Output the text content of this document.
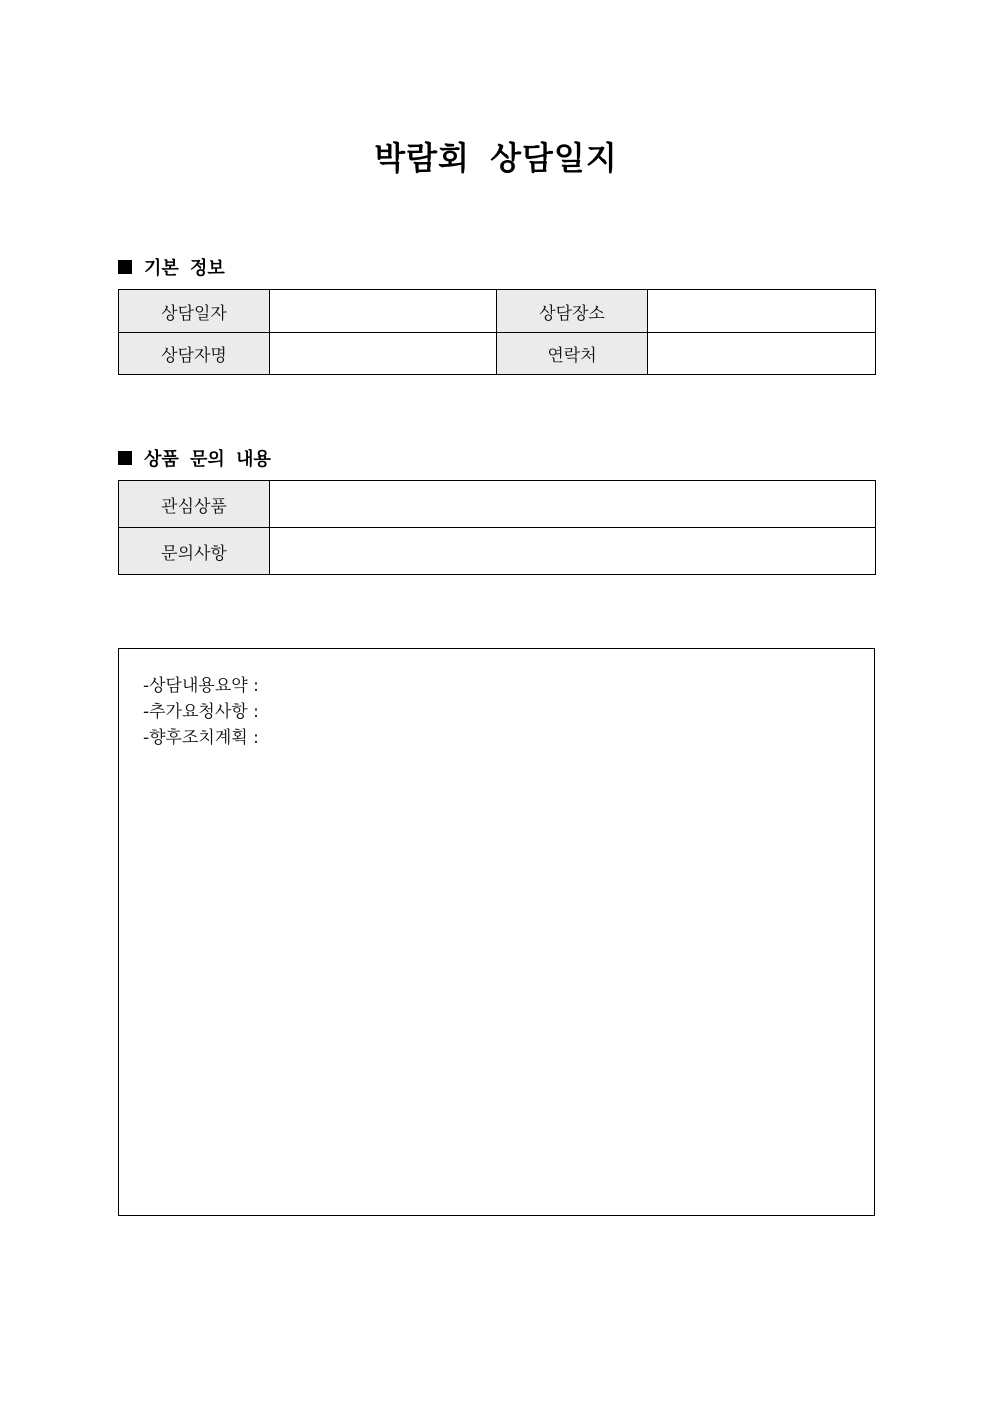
박람회 상담일지
기본 정보
상담일자		상담장소	
상담자명		연락처	
상품 문의 내용
관심상품	
문의사항	
-상담내용요약 :
-추가요청사항 :
-향후조치계획 :
